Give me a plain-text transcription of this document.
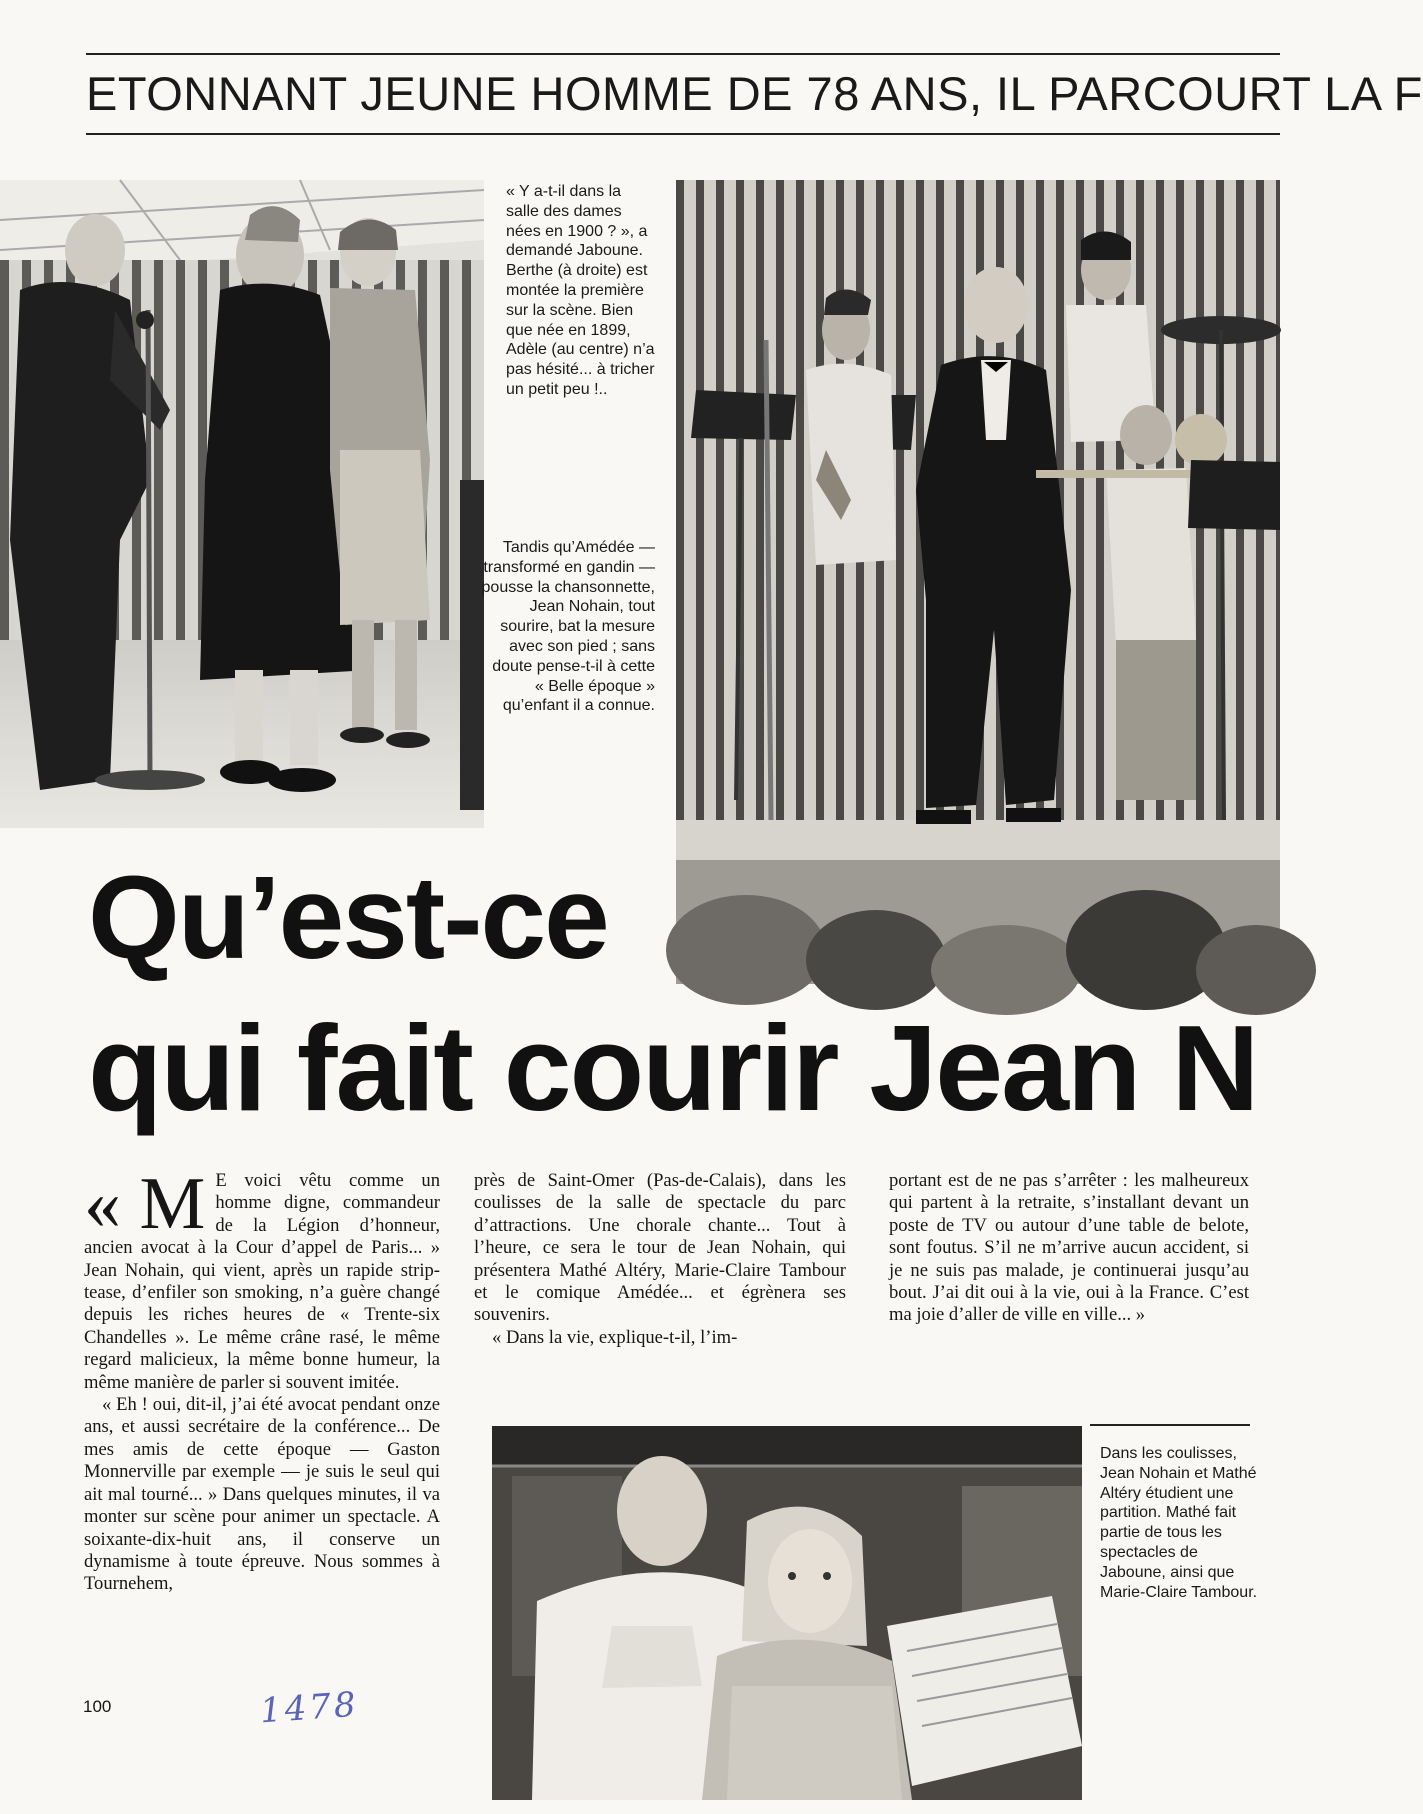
ETONNANT JEUNE HOMME DE 78 ANS, IL PARCOURT LA F

« Y a-t-il dans la salle des dames nées en 1900 ? », a demandé Jaboune. Berthe (à droite) est montée la première sur la scène. Bien que née en 1899, Adèle (au centre) n’a pas hésité... à tricher un petit peu !..

Tandis qu’Amédée — transformé en gandin — pousse la chansonnette, Jean Nohain, tout sourire, bat la mesure avec son pied ; sans doute pense-t-il à cette « Belle époque » qu’enfant il a connue.

Qu’est-ce
qui fait courir Jean N

« M E voici vêtu comme un homme digne, commandeur de la Légion d’honneur, ancien avocat à la Cour d’appel de Paris... » Jean Nohain, qui vient, après un rapide strip-tease, d’enfiler son smoking, n’a guère changé depuis les riches heures de « Trente-six Chandelles ». Le même crâne rasé, le même regard malicieux, la même bonne humeur, la même manière de parler si souvent imitée.

« Eh ! oui, dit-il, j’ai été avocat pendant onze ans, et aussi secrétaire de la conférence... De mes amis de cette époque — Gaston Monnerville par exemple — je suis le seul qui ait mal tourné... » Dans quelques minutes, il va monter sur scène pour animer un spectacle. A soixante-dix-huit ans, il conserve un dynamisme à toute épreuve. Nous sommes à Tournehem,

près de Saint-Omer (Pas-de-Calais), dans les coulisses de la salle de spectacle du parc d’attractions. Une chorale chante... Tout à l’heure, ce sera le tour de Jean Nohain, qui présentera Mathé Altéry, Marie-Claire Tambour et le comique Amédée... et égrènera ses souvenirs.

« Dans la vie, explique-t-il, l’im-

portant est de ne pas s’arrêter : les malheureux qui partent à la retraite, s’installant devant un poste de TV ou autour d’une table de belote, sont foutus. S’il ne m’arrive aucun accident, si je ne suis pas malade, je continuerai jusqu’au bout. J’ai dit oui à la vie, oui à la France. C’est ma joie d’aller de ville en ville... »

Dans les coulisses, Jean Nohain et Mathé Altéry étudient une partition. Mathé fait partie de tous les spectacles de Jaboune, ainsi que Marie-Claire Tambour.

100	1478
